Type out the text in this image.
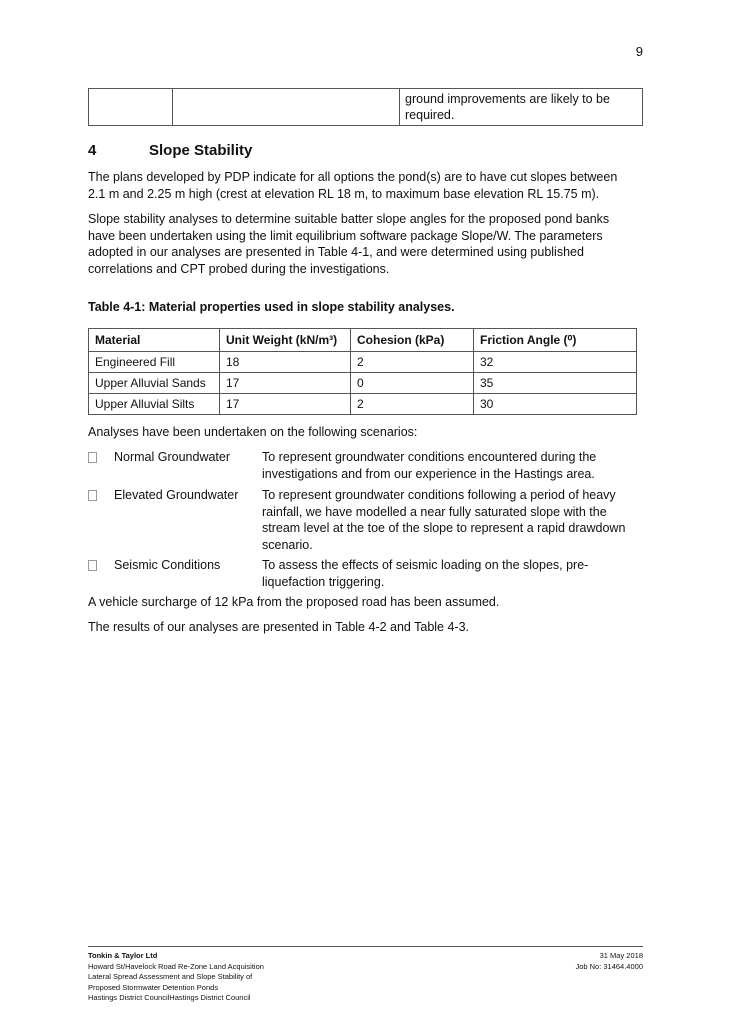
9
		ground improvements are likely to be required.
4	Slope Stability

The plans developed by PDP indicate for all options the pond(s) are to have cut slopes between 2.1 m and 2.25 m high (crest at elevation RL 18 m, to maximum base elevation RL 15.75 m).

Slope stability analyses to determine suitable batter slope angles for the proposed pond banks have been undertaken using the limit equilibrium software package Slope/W. The parameters adopted in our analyses are presented in Table 4-1, and were determined using published correlations and CPT probed during the investigations.

Table 4-1: Material properties used in slope stability analyses.
Material	Unit Weight (kN/m³)	Cohesion (kPa)	Friction Angle (⁰)
Engineered Fill	18	2	32
Upper Alluvial Sands	17	0	35
Upper Alluvial Silts	17	2	30

Analyses have been undertaken on the following scenarios:

Normal Groundwater	To represent groundwater conditions encountered during the investigations and from our experience in the Hastings area.
Elevated Groundwater To represent groundwater conditions following a period of heavy rainfall, we have modelled a near fully saturated slope with the stream level at the toe of the slope to represent a rapid drawdown scenario.
Seismic Conditions	To assess the effects of seismic loading on the slopes, pre-liquefaction triggering.

A vehicle surcharge of 12 kPa from the proposed road has been assumed.

The results of our analyses are presented in Table 4-2 and Table 4-3.

Tonkin & Taylor Ltd
Howard St/Havelock Road Re-Zone Land Acquisition
Lateral Spread Assessment and Slope Stability of
Proposed Stormwater Detention Ponds
Hastings District CouncilHastings District Council
31 May 2018
Job No: 31464.4000
